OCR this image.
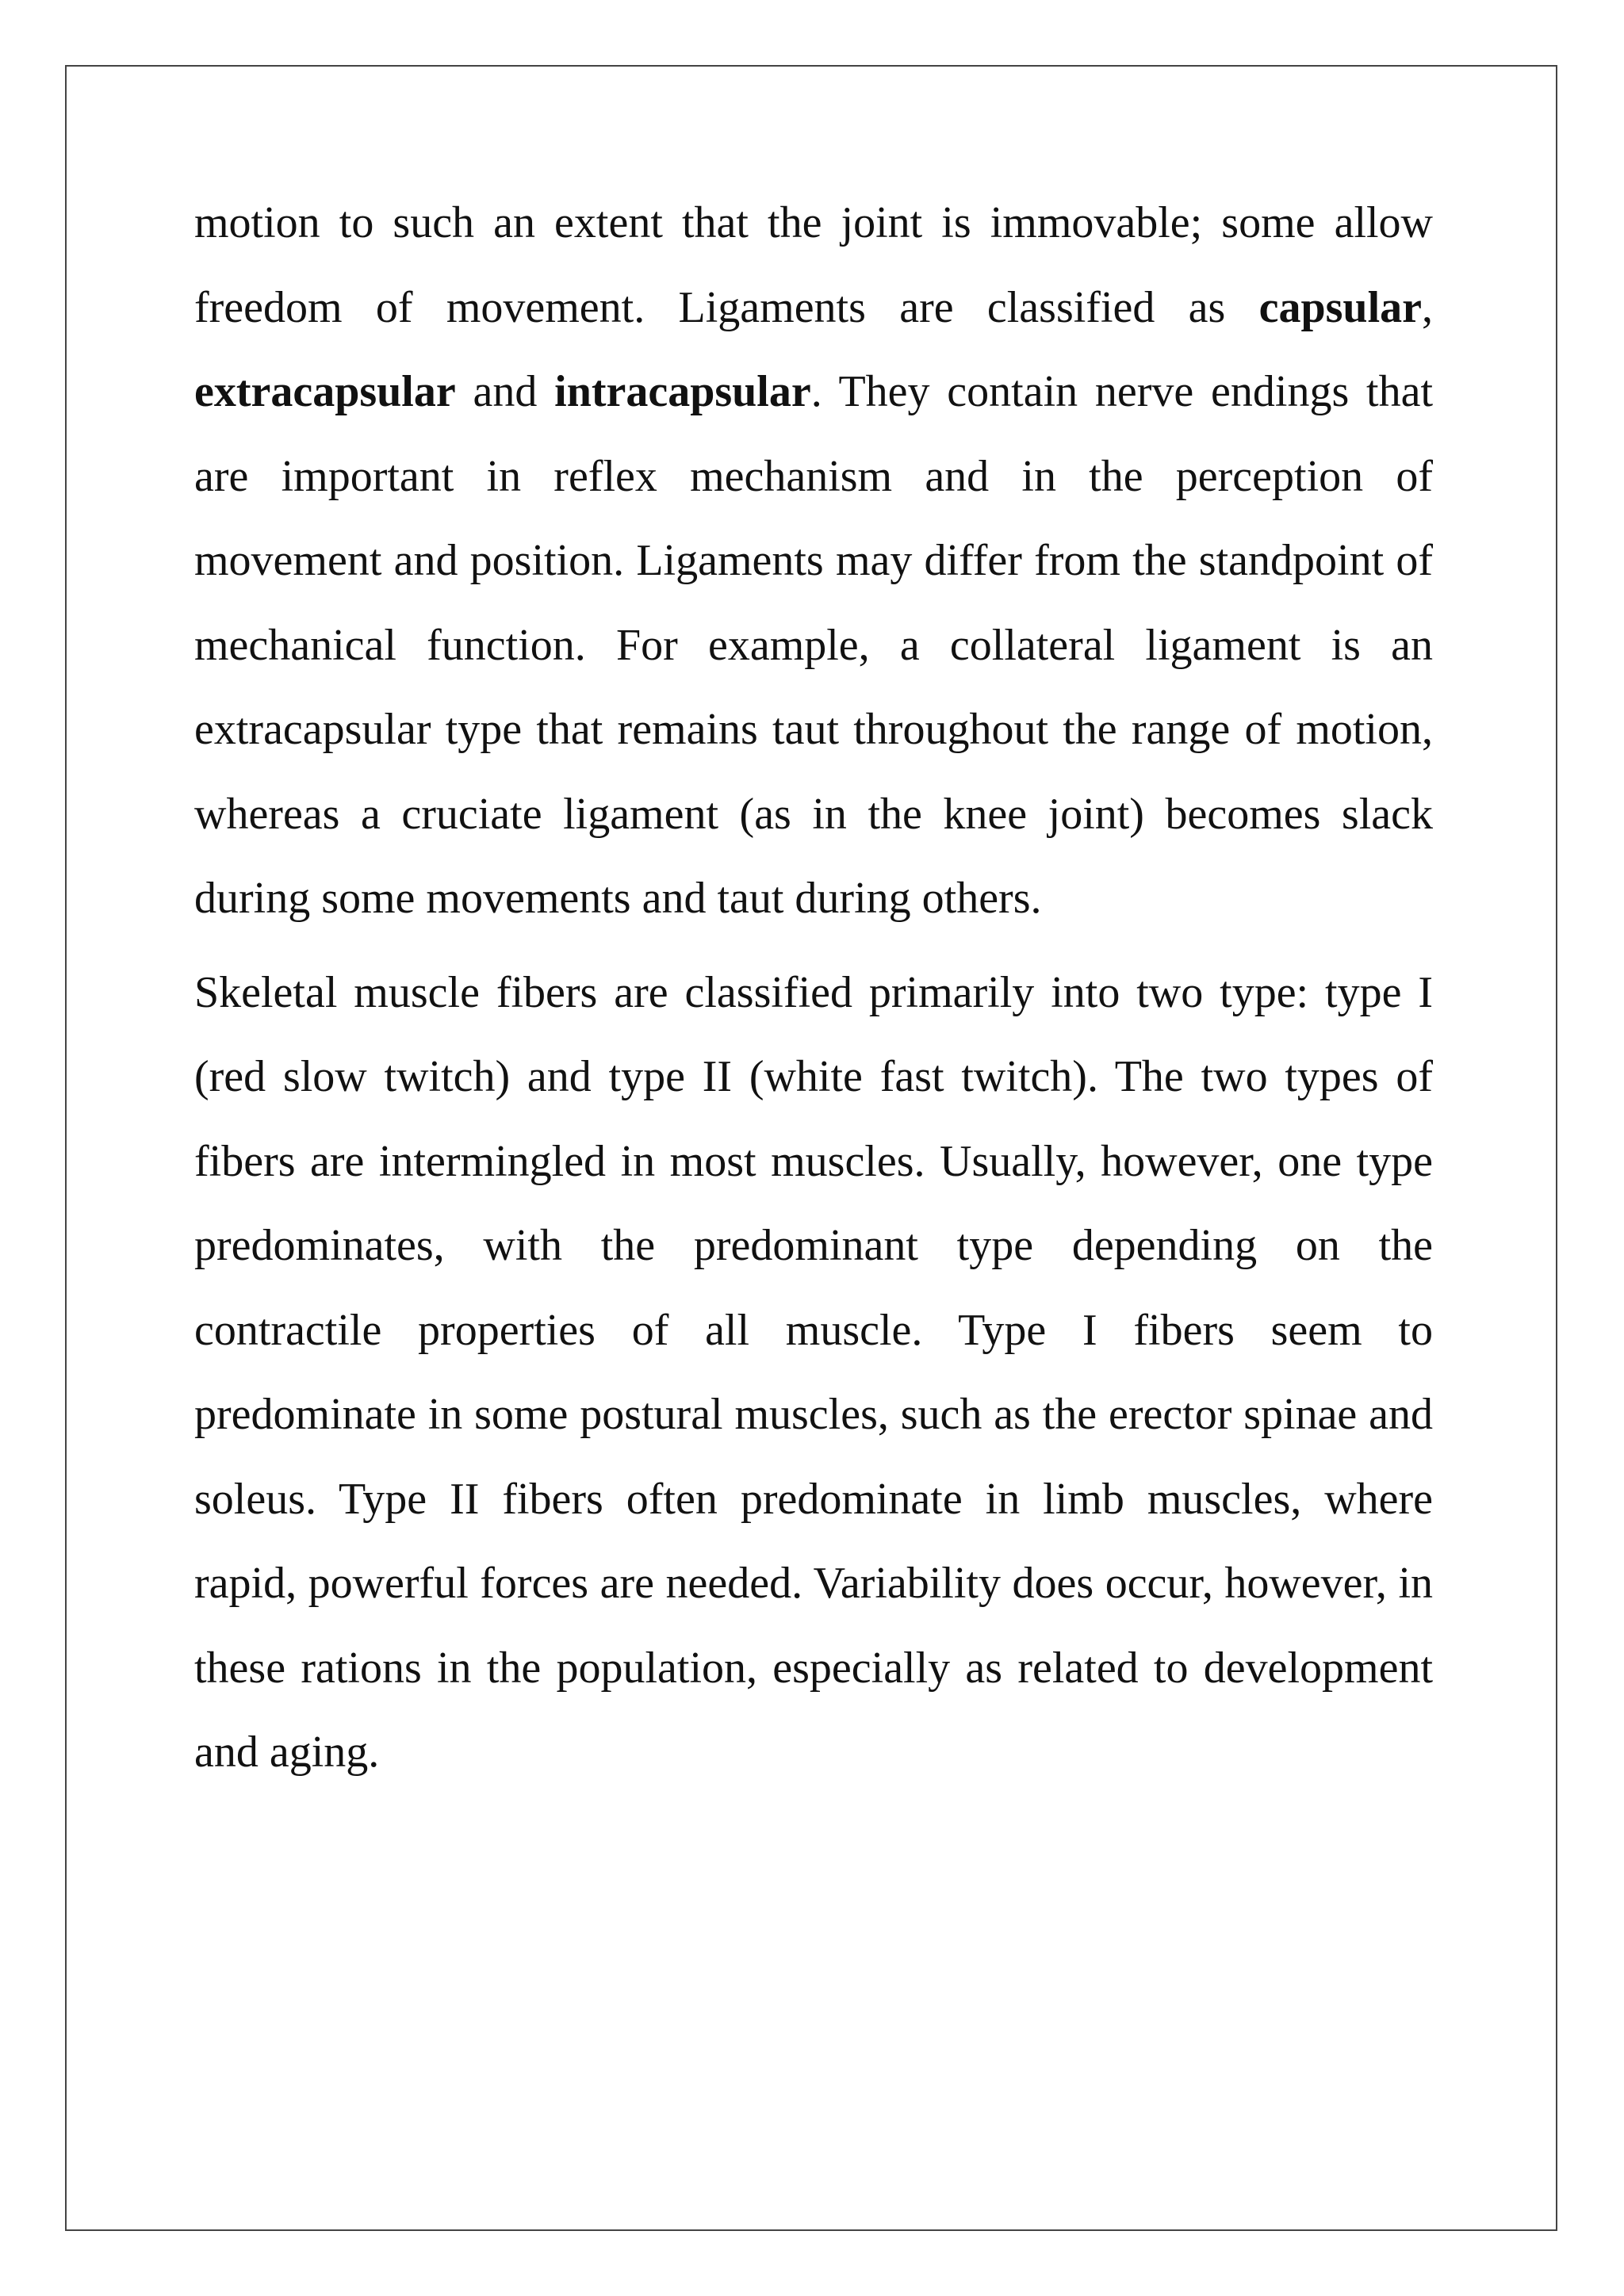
motion to such an extent that the joint is immovable; some allow freedom of movement. Ligaments are classified as capsular, extracapsular and intracapsular. They contain nerve endings that are important in reflex mechanism and in the perception of movement and position. Ligaments may differ from the standpoint of mechanical function. For example, a collateral ligament is an extracapsular type that remains taut throughout the range of motion, whereas a cruciate ligament (as in the knee joint) becomes slack during some movements and taut during others.

Skeletal muscle fibers are classified primarily into two type: type I (red slow twitch) and type II (white fast twitch). The two types of fibers are intermingled in most muscles. Usually, however, one type predominates, with the predominant type depending on the contractile properties of all muscle. Type I fibers seem to predominate in some postural muscles, such as the erector spinae and soleus. Type II fibers often predominate in limb muscles, where rapid, powerful forces are needed. Variability does occur, however, in these rations in the population, especially as related to development and aging.
